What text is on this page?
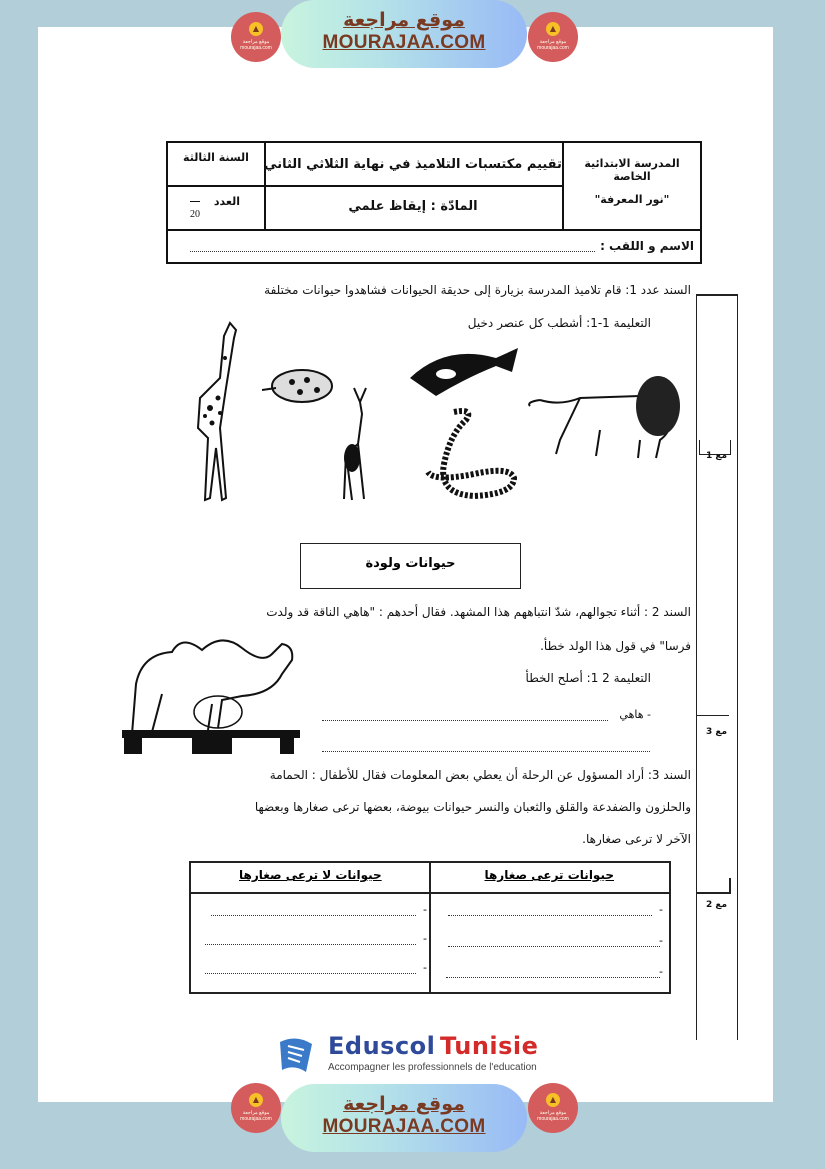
▲
موقع مراجعة mourajaa.com
موقع مراجعة
MOURAJAA.COM
▲
موقع مراجعة mourajaa.com
المدرسة الابتدائية الخاصة
"نور المعرفة"
تقييم مكتسبات التلاميذ في نهاية الثلاثي الثاني
المادّة : إيقاظ علمي
السنة الثالثة
العدد
20
الاسم و اللقب :
السند عدد 1: قام تلاميذ المدرسة بزيارة إلى حديقة الحيوانات فشاهدوا حيوانات مختلفة
التعليمة 1-1: أشطب كل عنصر دخيل
مع 1
مع 3
مع 2
حيوانات ولودة
السند 2 : أثناء تجوالهم، شدّ انتباههم هذا المشهد. فقال أحدهم : "هاهي الناقة قد ولدت
فرسا" في قول هذا الولد خطأ.
التعليمة 2 1: أصلح الخطأ
- هاهي
السند 3: أراد المسؤول عن الرحلة أن يعطي بعض المعلومات فقال للأطفال : الحمامة
والحلزون والضفدعة والقلق والثعبان والنسر حيوانات بيوضة، بعضها ترعى صغارها وبعضها
الآخر لا ترعى صغارها.
حيوانات ترعى صغارها
حيوانات لا ترعى صغارها
-
-
-
-
-
-
Eduscol Tunisie
Accompagner les professionnels de l'education
▲
موقع مراجعة mourajaa.com
موقع مراجعة
MOURAJAA.COM
▲
موقع مراجعة mourajaa.com
